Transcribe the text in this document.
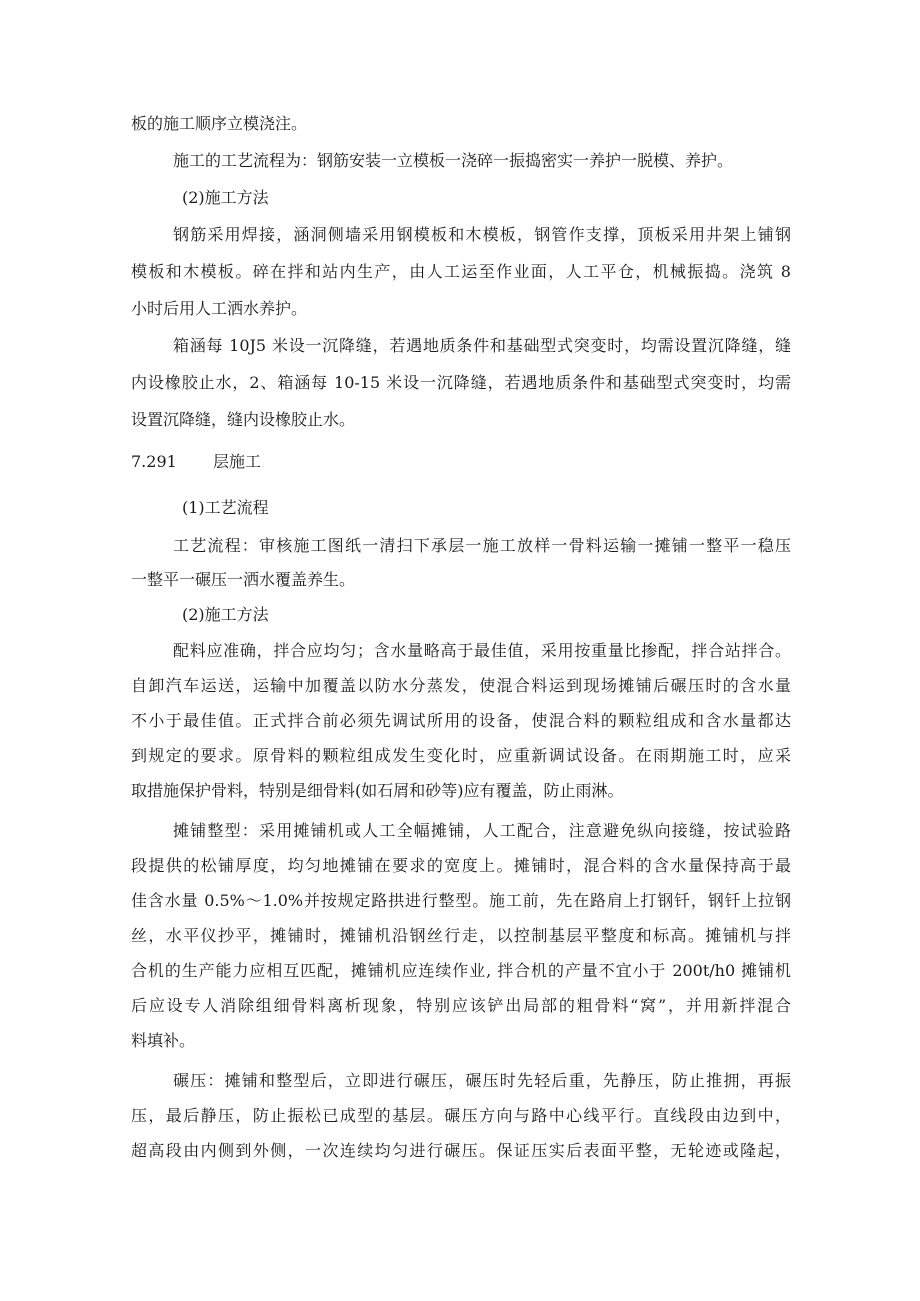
板的施工顺序立模浇注。

施工的工艺流程为：钢筋安装一立模板一浇碎一振捣密实一养护一脱模、养护。

(2)施工方法

钢筋采用焊接，涵洞侧墙采用钢模板和木模板，钢管作支撑，顶板采用井架上铺钢

模板和木模板。碎在拌和站内生产，由人工运至作业面，人工平仓，机械振捣。浇筑 8

小时后用人工洒水养护。

箱涵每 10J5 米设一沉降缝，若遇地质条件和基础型式突变时，均需设置沉降缝，缝

内设橡胶止水，2、箱涵每 10-15 米设一沉降缝，若遇地质条件和基础型式突变时，均需

设置沉降缝，缝内设橡胶止水。

7.291 层施工

(1)工艺流程

工艺流程：审核施工图纸一清扫下承层一施工放样一骨料运输一摊铺一整平一稳压

一整平一碾压一洒水覆盖养生。

(2)施工方法

配料应准确，拌合应均匀；含水量略高于最佳值，采用按重量比掺配，拌合站拌合。

自卸汽车运送，运输中加覆盖以防水分蒸发，使混合料运到现场摊铺后碾压时的含水量

不小于最佳值。正式拌合前必须先调试所用的设备，使混合料的颗粒组成和含水量都达

到规定的要求。原骨料的颗粒组成发生变化时，应重新调试设备。在雨期施工时，应采

取措施保护骨料，特别是细骨料(如石屑和砂等)应有覆盖，防止雨淋。

摊铺整型：采用摊铺机或人工全幅摊铺，人工配合，注意避免纵向接缝，按试验路

段提供的松铺厚度，均匀地摊铺在要求的宽度上。摊铺时，混合料的含水量保持高于最

佳含水量 0.5%～1.0%并按规定路拱进行整型。施工前，先在路肩上打钢钎，钢钎上拉钢

丝，水平仪抄平，摊铺时，摊铺机沿钢丝行走，以控制基层平整度和标高。摊铺机与拌

合机的生产能力应相互匹配，摊铺机应连续作业, 拌合机的产量不宜小于 200t∕h0 摊铺机

后应设专人消除组细骨料离析现象，特别应该铲出局部的粗骨料“窝”，并用新拌混合

料填补。

碾压：摊铺和整型后，立即进行碾压，碾压时先轻后重，先静压，防止推拥，再振

压，最后静压，防止振松已成型的基层。碾压方向与路中心线平行。直线段由边到中，

超高段由内侧到外侧，一次连续均匀进行碾压。保证压实后表面平整，无轮迹或隆起，
